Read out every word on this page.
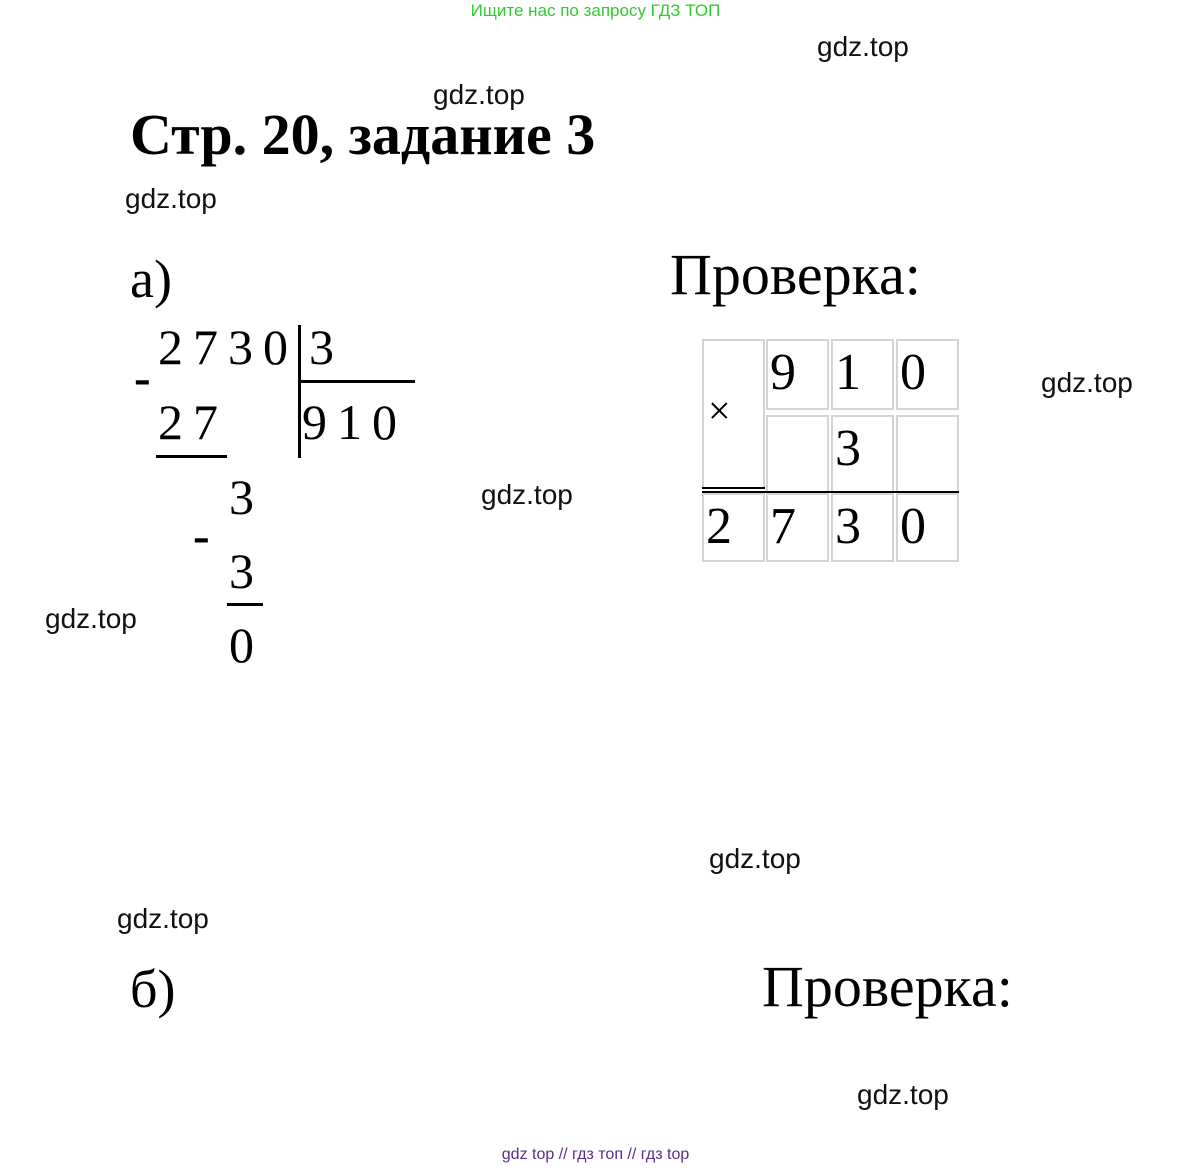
Ищите нас по запросу ГДЗ ТОП
gdz.top
gdz.top
gdz.top
gdz.top
gdz.top
gdz.top
gdz.top
gdz.top
gdz.top
Стр. 20, задание 3
а)
2730 3
910
-
27
3
-
3
0
Проверка:
×
9 1 0
3
2 7 3 0
б)	Проверка:
gdz top // гдз топ // гдз top
